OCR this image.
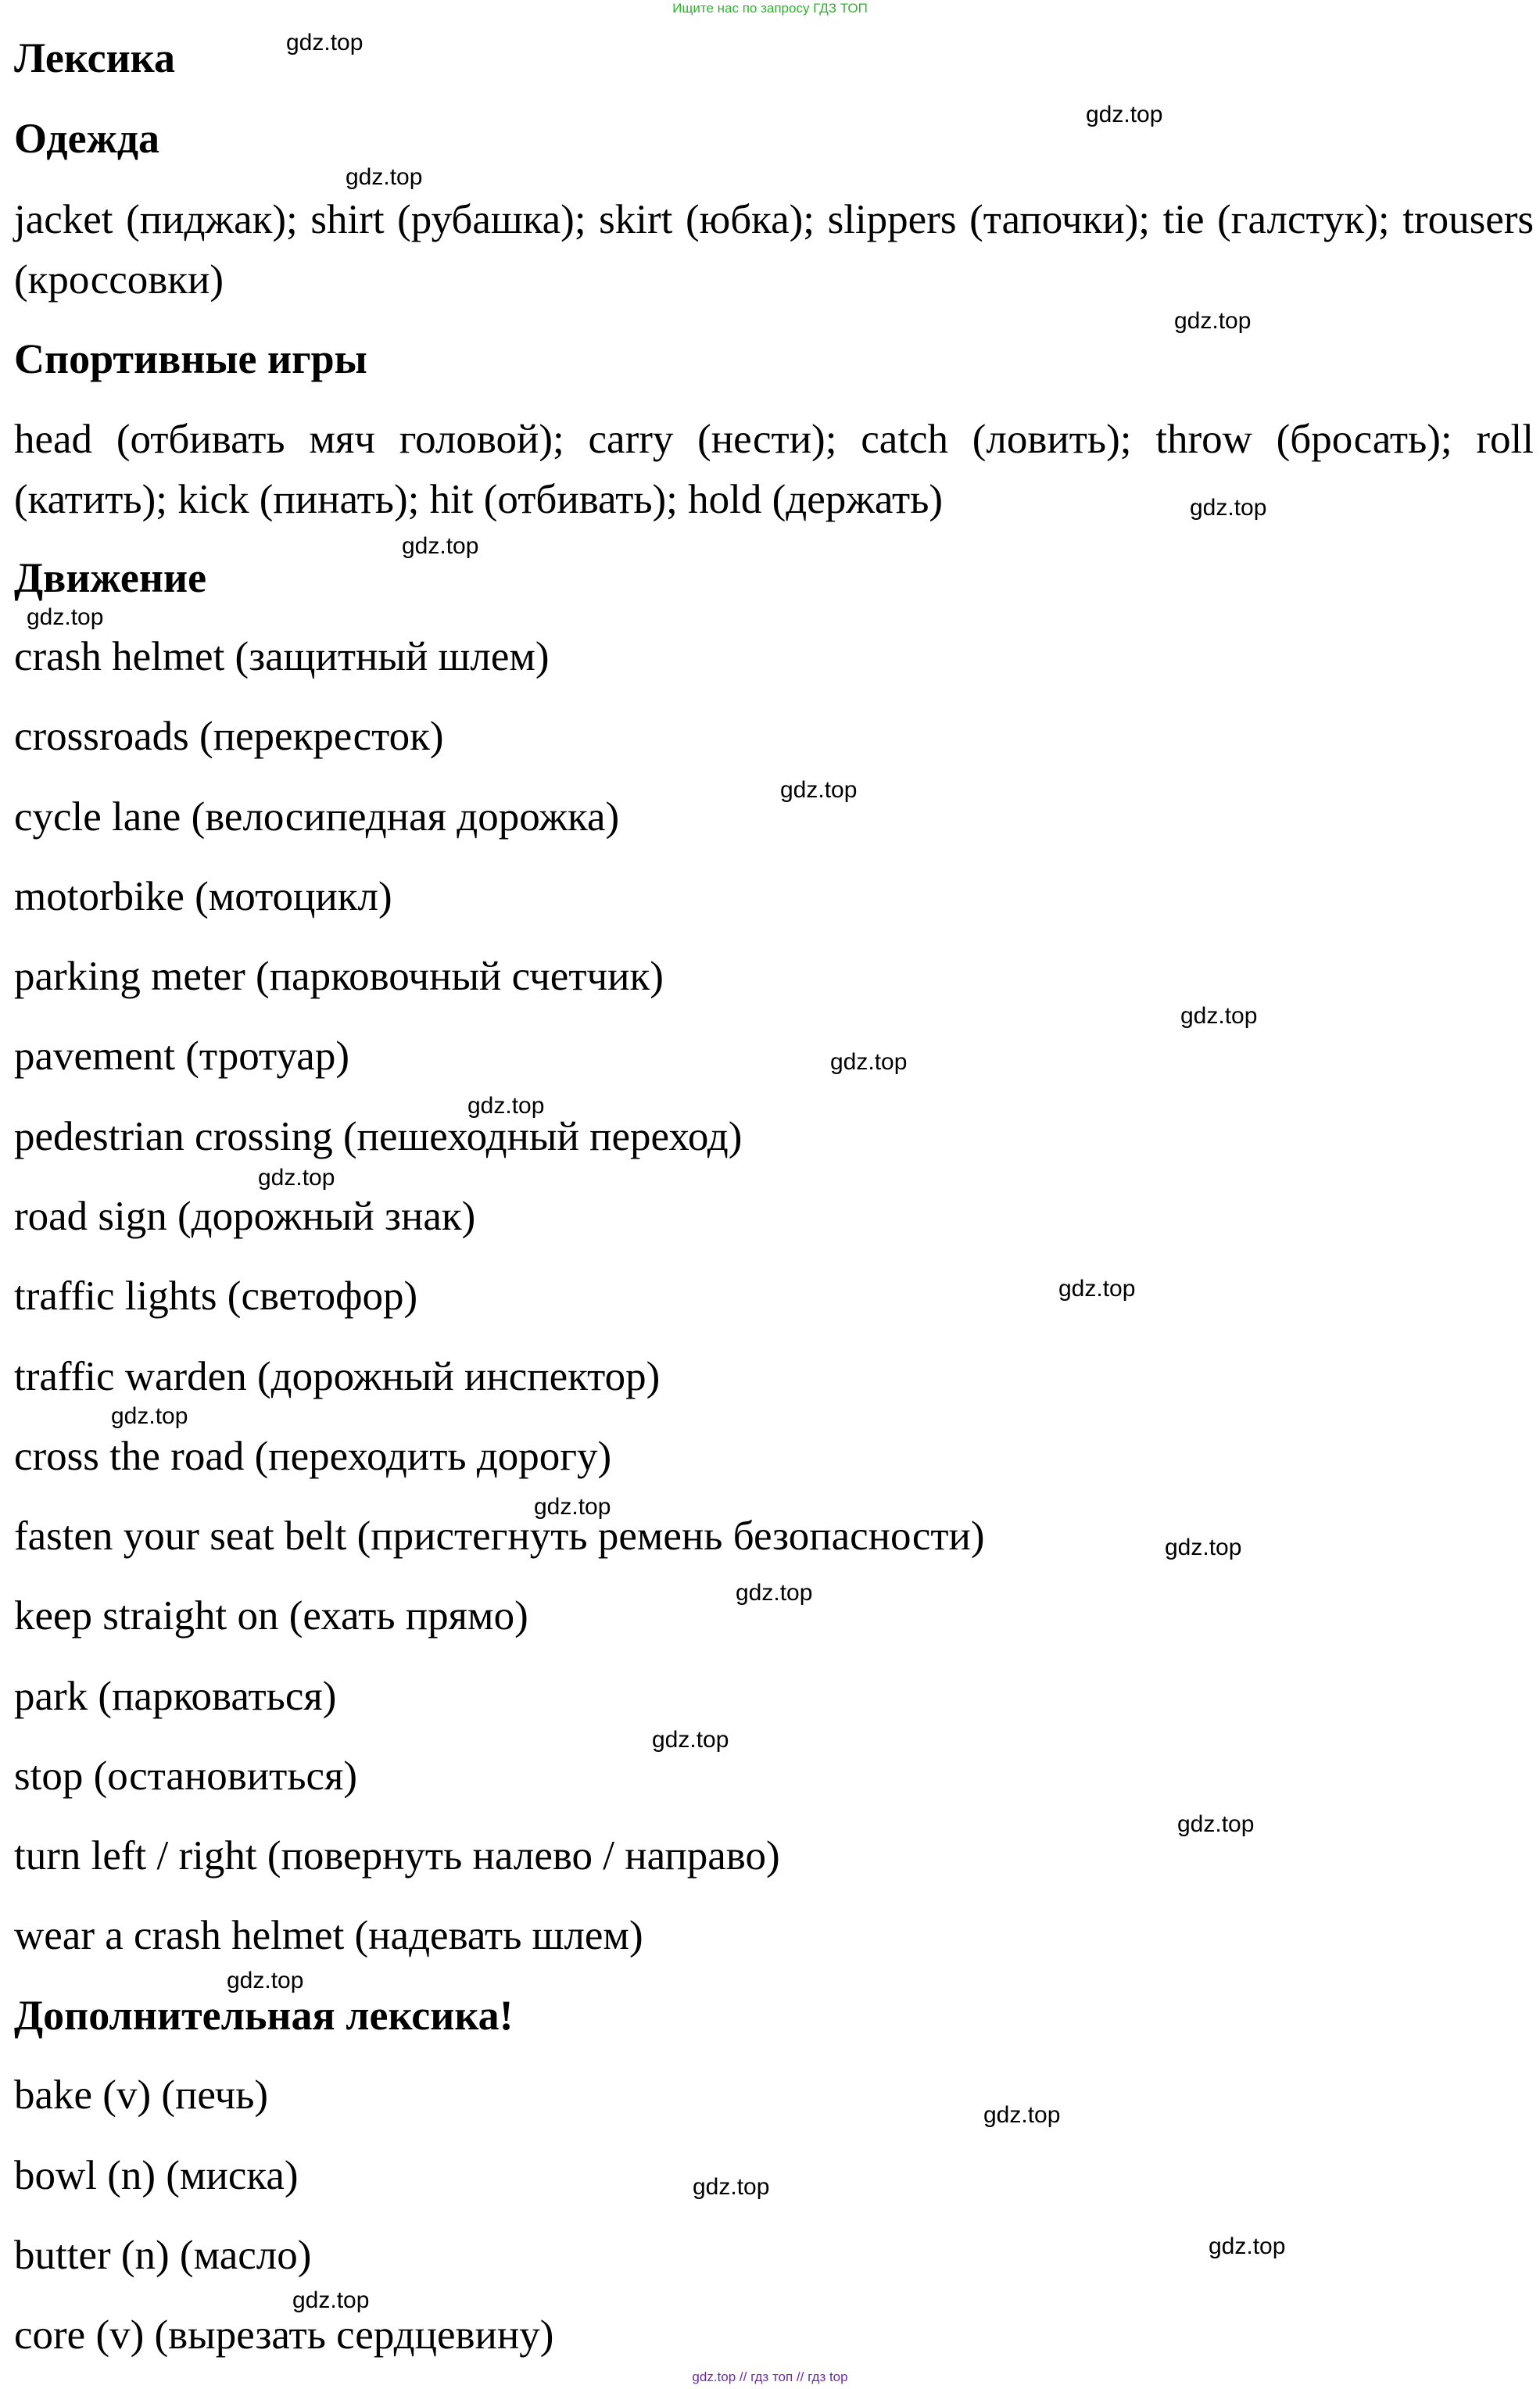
Ищите нас по запросу ГДЗ ТОП
Лексика
Одежда
jacket (пиджак); shirt (рубашка); skirt (юбка); slippers (тапочки); tie (галстук); trousers (кроссовки)
Спортивные игры
head (отбивать мяч головой); carry (нести); catch (ловить); throw (бросать); roll (катить); kick (пинать); hit (отбивать); hold (держать)
Движение
crash helmet (защитный шлем)
crossroads (перекресток)
cycle lane (велосипедная дорожка)
motorbike (мотоцикл)
parking meter (парковочный счетчик)
pavement (тротуар)
pedestrian crossing (пешеходный переход)
road sign (дорожный знак)
traffic lights (светофор)
traffic warden (дорожный инспектор)
cross the road (переходить дорогу)
fasten your seat belt (пристегнуть ремень безопасности)
keep straight on (ехать прямо)
park (парковаться)
stop (остановиться)
turn left / right (повернуть налево / направо)
wear a crash helmet (надевать шлем)
Дополнительная лексика!
bake (v) (печь)
bowl (n) (миска)
butter (n) (масло)
core (v) (вырезать сердцевину)
gdz.top
gdz.top
gdz.top
gdz.top
gdz.top
gdz.top
gdz.top
gdz.top
gdz.top
gdz.top
gdz.top
gdz.top
gdz.top
gdz.top
gdz.top
gdz.top
gdz.top
gdz.top
gdz.top
gdz.top
gdz.top
gdz.top
gdz.top
gdz.top
gdz.top // гдз топ // гдз top
